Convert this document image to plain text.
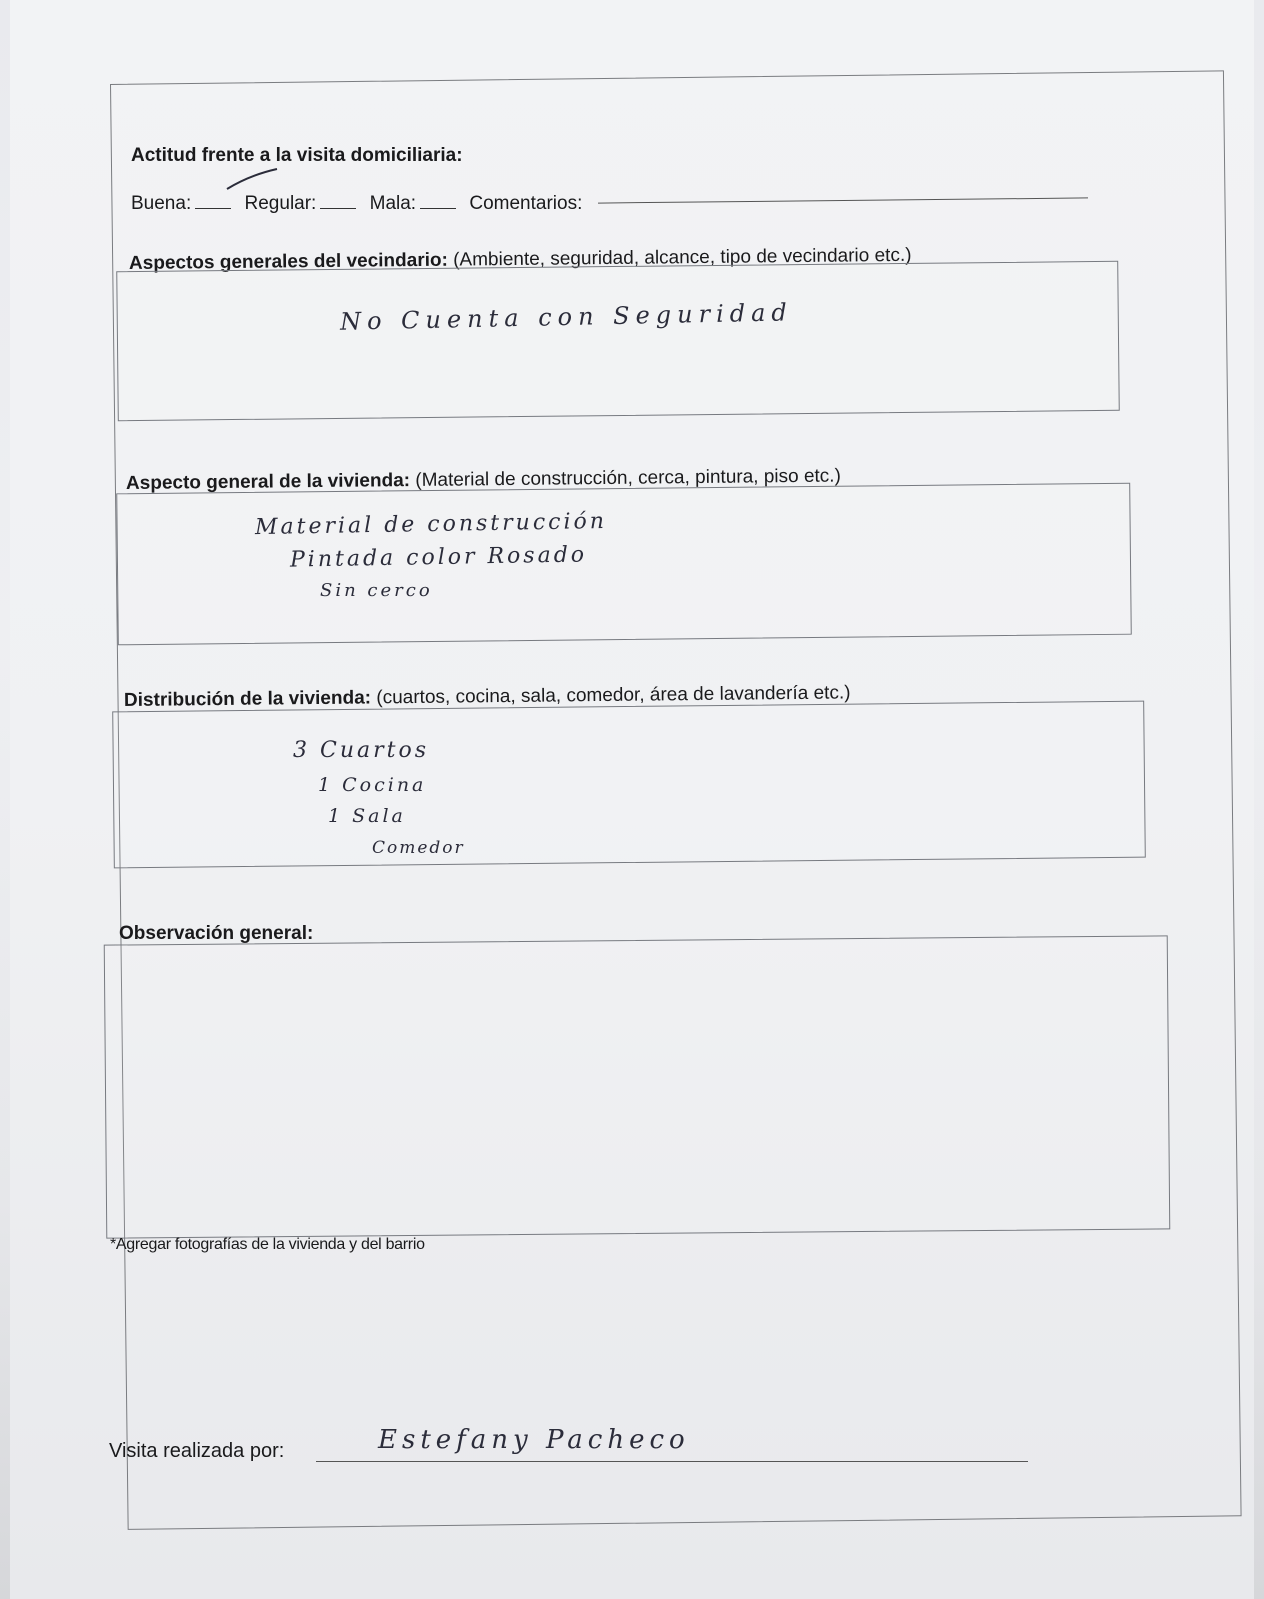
Actitud frente a la visita domiciliaria:
Buena:	Regular:	Mala:	Comentarios:
Aspectos generales del vecindario: (Ambiente, seguridad, alcance, tipo de vecindario etc.)
No Cuenta con Seguridad
Aspecto general de la vivienda: (Material de construcción, cerca, pintura, piso etc.)
Material de construcción
Pintada color Rosado
Sin cerco
Distribución de la vivienda: (cuartos, cocina, sala, comedor, área de lavandería etc.)
3 Cuartos
1 Cocina
1 Sala
Comedor
Observación general:
*Agregar fotografías de la vivienda y del barrio
Visita realizada por:	Estefany Pacheco
